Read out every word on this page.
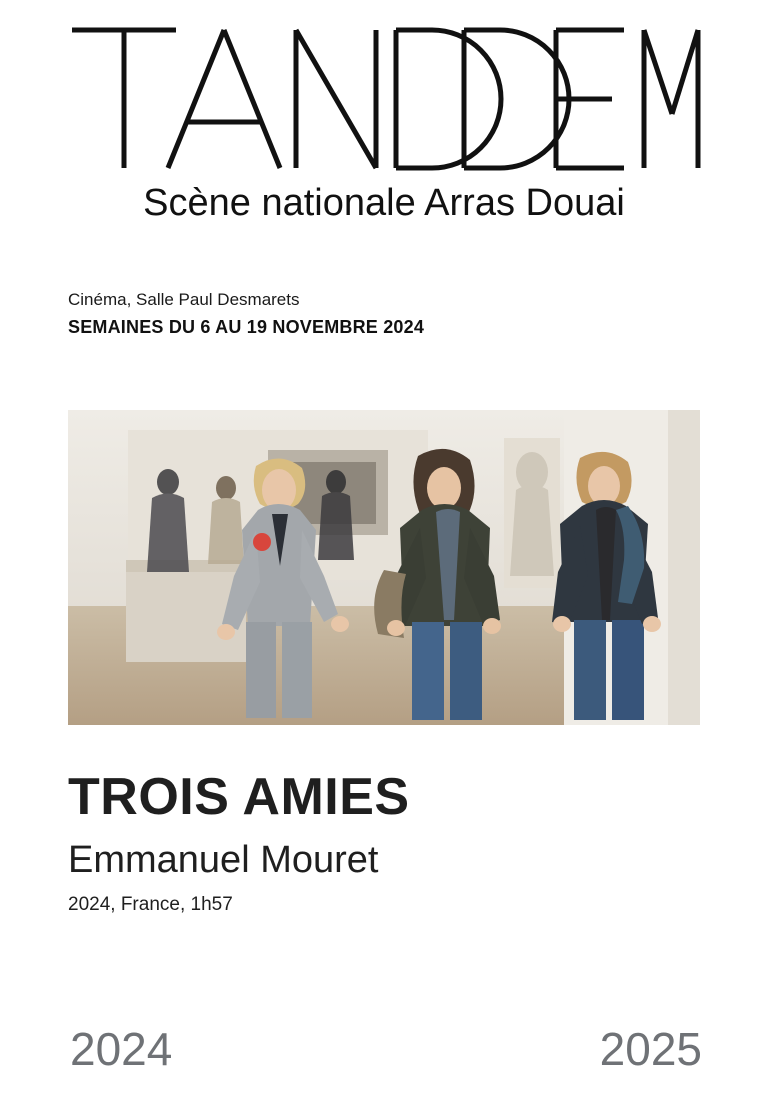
Scène nationale Arras Douai
Cinéma, Salle Paul Desmarets
SEMAINES DU 6 AU 19 NOVEMBRE 2024
TROIS AMIES
Emmanuel Mouret
2024, France, 1h57
2024	2025
